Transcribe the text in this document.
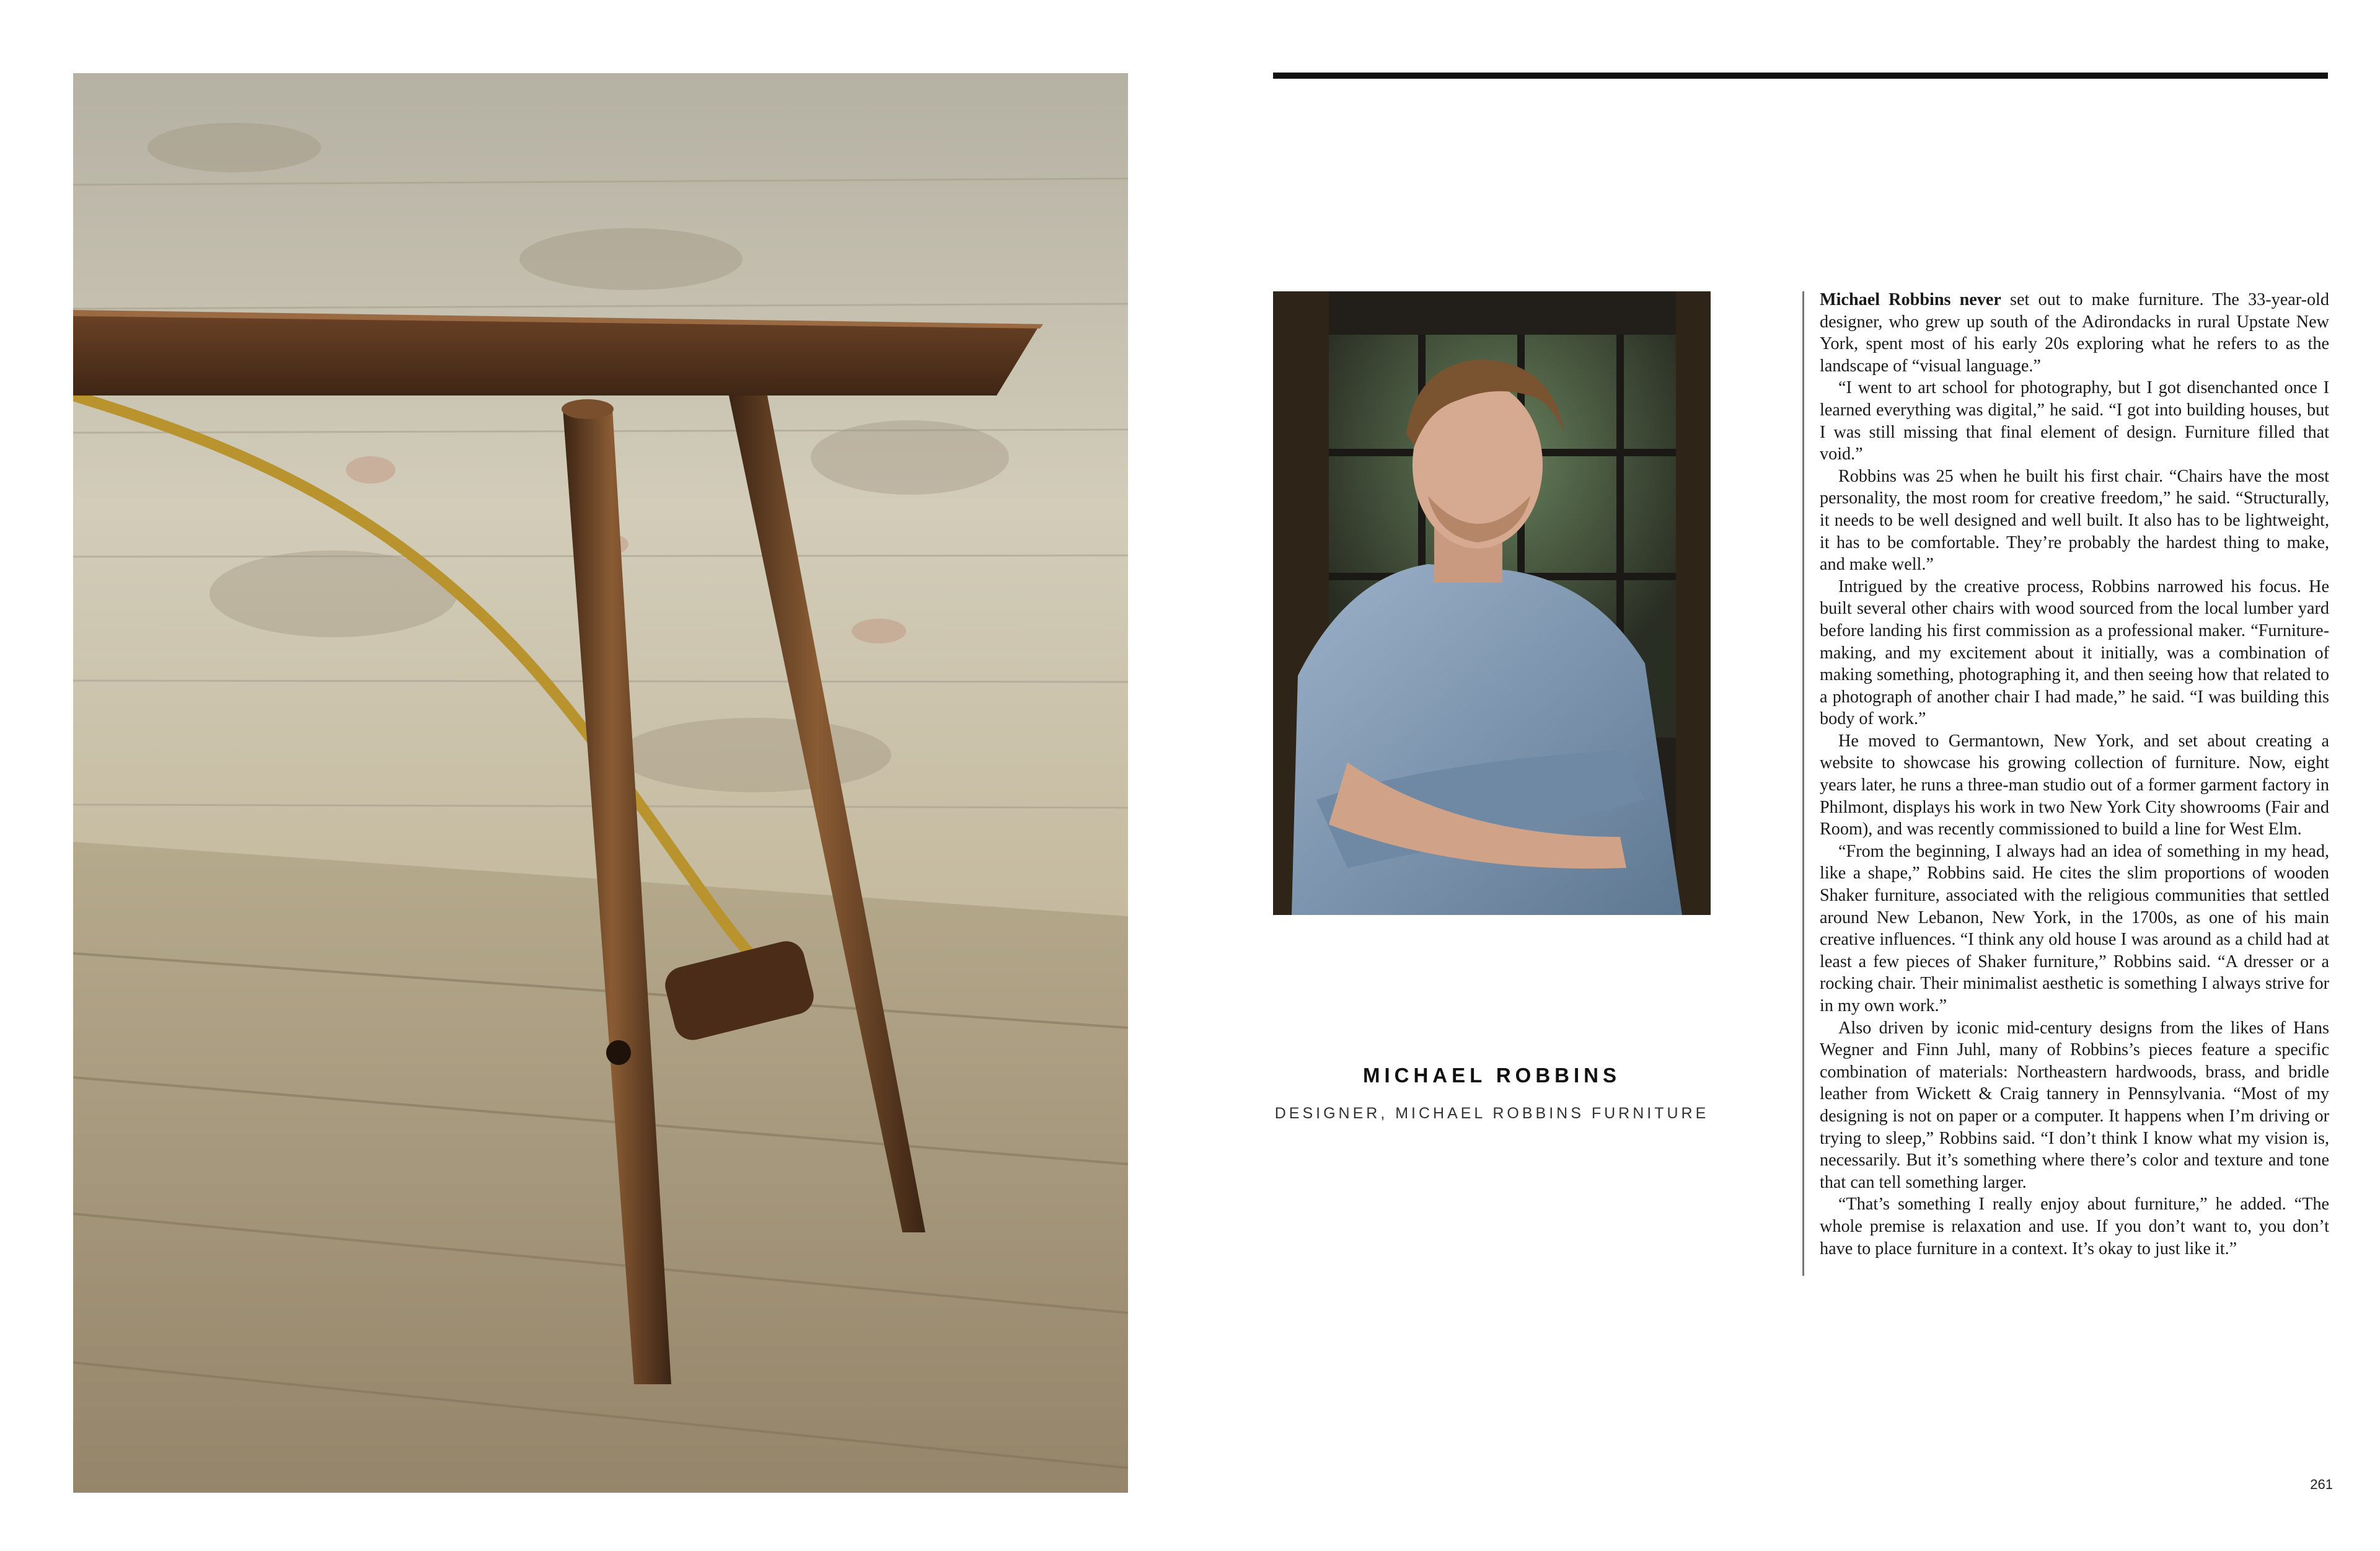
MICHAEL ROBBINS
DESIGNER, MICHAEL ROBBINS FURNITURE

Michael Robbins never set out to make furniture. The 33-year-old designer, who grew up south of the Adirondacks in rural Upstate New York, spent most of his early 20s exploring what he refers to as the landscape of “visual language.”

“I went to art school for photography, but I got disenchanted once I learned everything was digital,” he said. “I got into building houses, but I was still missing that final element of design. Furniture filled that void.”

Robbins was 25 when he built his first chair. “Chairs have the most personality, the most room for creative freedom,” he said. “Structurally, it needs to be well designed and well built. It also has to be lightweight, it has to be comfortable. They’re probably the hardest thing to make, and make well.”

Intrigued by the creative process, Robbins narrowed his focus. He built several other chairs with wood sourced from the local lumber yard before landing his first commission as a professional maker. “Furniture-making, and my excitement about it initially, was a combination of making something, photographing it, and then seeing how that related to a photograph of another chair I had made,” he said. “I was building this body of work.”

He moved to Germantown, New York, and set about creating a website to showcase his growing collection of furniture. Now, eight years later, he runs a three-man studio out of a former garment factory in Philmont, displays his work in two New York City showrooms (Fair and Room), and was recently commissioned to build a line for West Elm.

“From the beginning, I always had an idea of something in my head, like a shape,” Robbins said. He cites the slim proportions of wooden Shaker furniture, associated with the religious communities that settled around New Lebanon, New York, in the 1700s, as one of his main creative influences. “I think any old house I was around as a child had at least a few pieces of Shaker furniture,” Robbins said. “A dresser or a rocking chair. Their minimalist aesthetic is something I always strive for in my own work.”

Also driven by iconic mid-century designs from the likes of Hans Wegner and Finn Juhl, many of Robbins’s pieces feature a specific combination of materials: Northeastern hardwoods, brass, and bridle leather from Wickett & Craig tannery in Pennsylvania. “Most of my designing is not on paper or a computer. It happens when I’m driving or trying to sleep,” Robbins said. “I don’t think I know what my vision is, necessarily. But it’s something where there’s color and texture and tone that can tell something larger.

“That’s something I really enjoy about furniture,” he added. “The whole premise is relaxation and use. If you don’t want to, you don’t have to place furniture in a context. It’s okay to just like it.”

261
